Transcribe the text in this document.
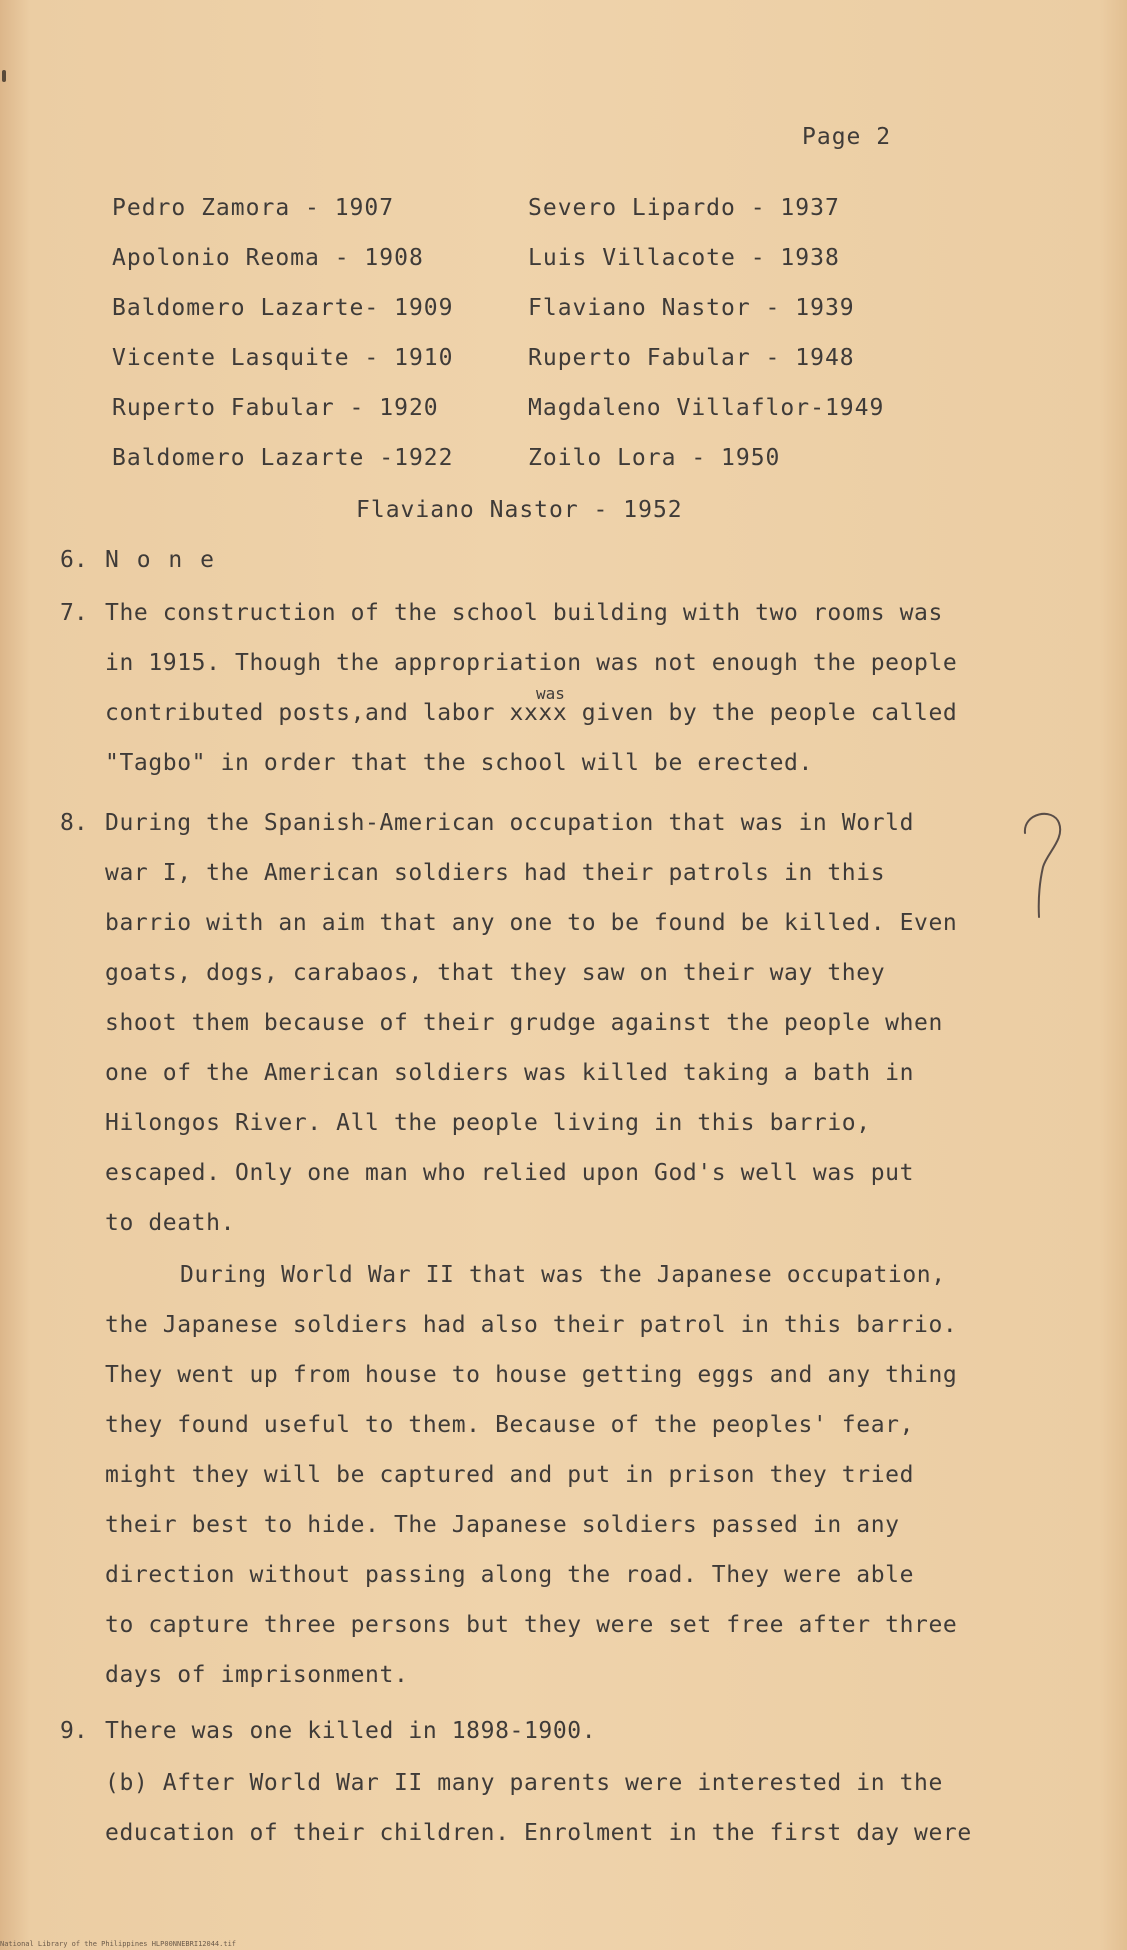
Page 2
Pedro Zamora - 1907
Apolonio Reoma - 1908
Baldomero Lazarte- 1909
Vicente Lasquite - 1910
Ruperto Fabular - 1920
Baldomero Lazarte -1922
Severo Lipardo - 1937
Luis Villacote - 1938
Flaviano Nastor - 1939
Ruperto Fabular - 1948
Magdaleno Villaflor-1949
Zoilo Lora - 1950
Flaviano Nastor - 1952
6. N o n e
7. The construction of the school building with two rooms was
in 1915. Though the appropriation was not enough the people
was
contributed posts,and labor xxxx given by the people called
"Tagbo" in order that the school will be erected.
8. During the Spanish-American occupation that was in World
war I, the American soldiers had their patrols in this
barrio with an aim that any one to be found be killed. Even
goats, dogs, carabaos, that they saw on their way they
shoot them because of their grudge against the people when
one of the American soldiers was killed taking a bath in
Hilongos River. All the people living in this barrio,
escaped. Only one man who relied upon God's well was put
to death.
During World War II that was the Japanese occupation,
the Japanese soldiers had also their patrol in this barrio.
They went up from house to house getting eggs and any thing
they found useful to them. Because of the peoples' fear,
might they will be captured and put in prison they tried
their best to hide. The Japanese soldiers passed in any
direction without passing along the road. They were able
to capture three persons but they were set free after three
days of imprisonment.
9. There was one killed in 1898-1900.
(b) After World War II many parents were interested in the
education of their children. Enrolment in the first day were
National Library of the Philippines HLP00NNEBRI12044.tif
